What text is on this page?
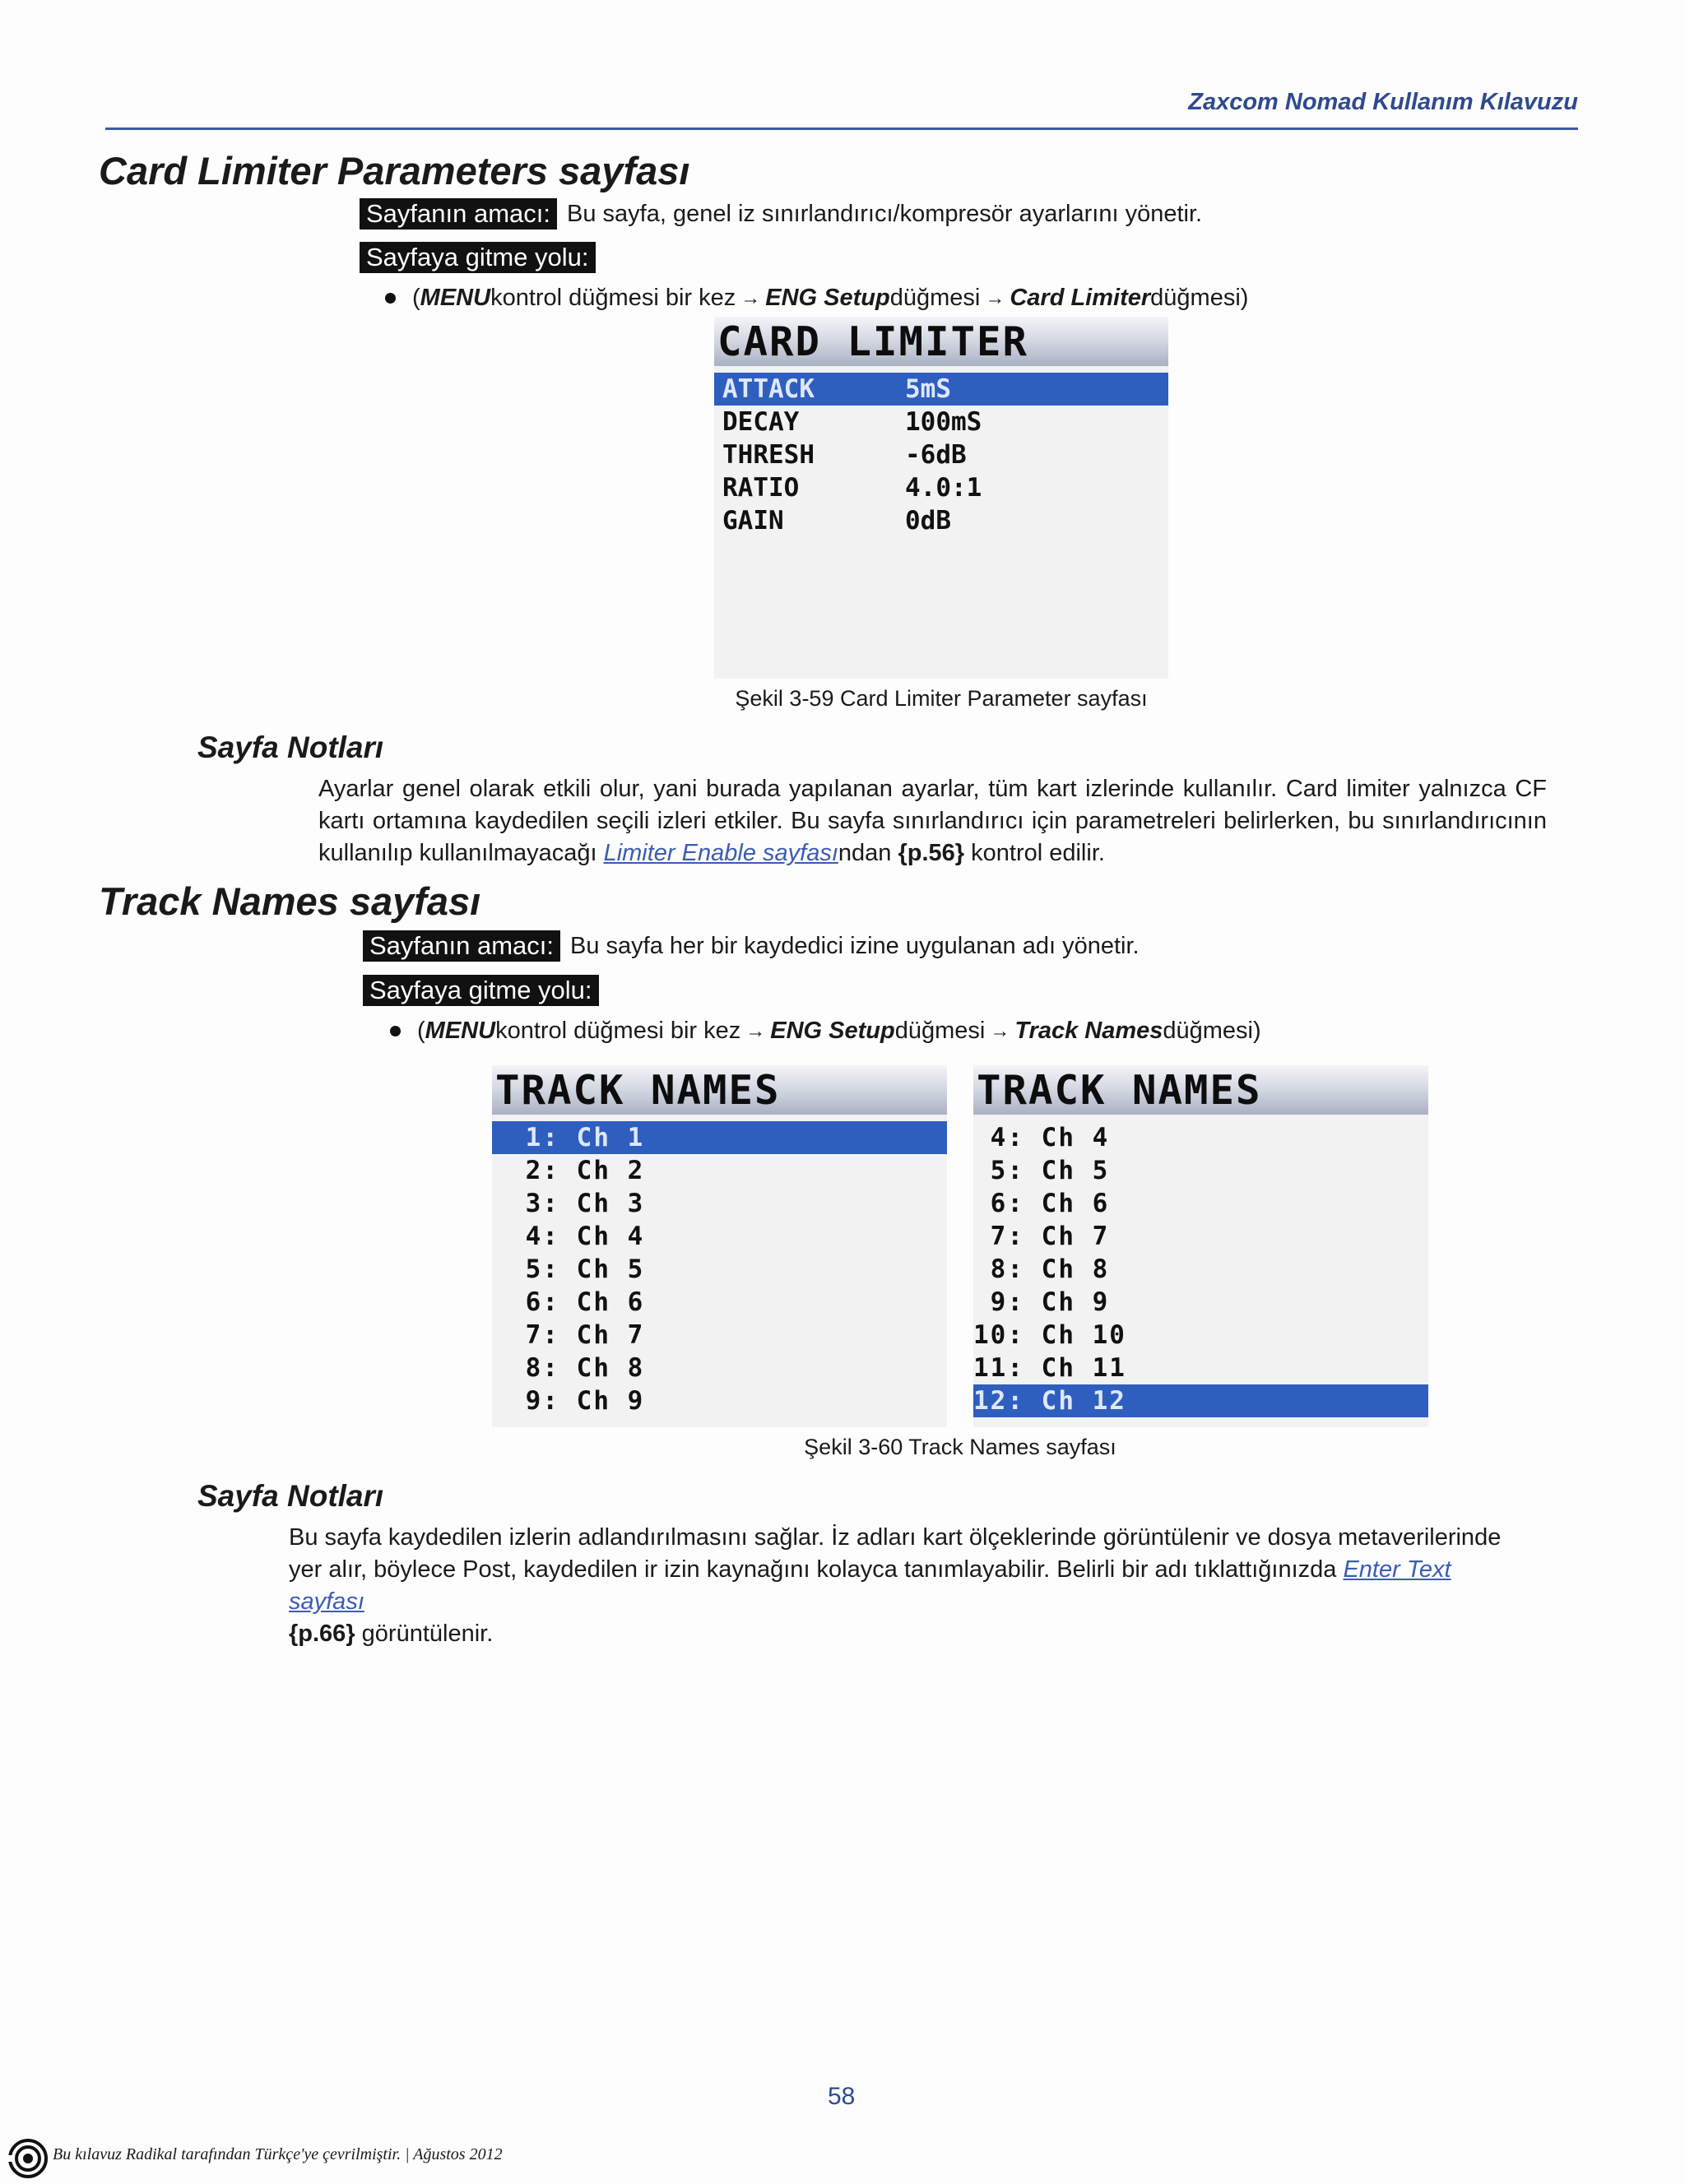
Zaxcom Nomad Kullanım Kılavuzu
Card Limiter Parameters sayfası
Sayfanın amacı: Bu sayfa, genel iz sınırlandırıcı/kompresör ayarlarını yönetir.
Sayfaya gitme yolu:
( MENU kontrol düğmesi bir kez → ENG Setup düğmesi → Card Limiter düğmesi)
CARD LIMITER
ATTACK	5mS
DECAY	100mS
THRESH	-6dB
RATIO	4.0:1
GAIN	0dB
Şekil 3-59 Card Limiter Parameter sayfası
Sayfa Notları
Ayarlar genel olarak etkili olur, yani burada yapılanan ayarlar, tüm kart izlerinde kullanılır. Card limiter yalnızca CF kartı ortamına kaydedilen seçili izleri etkiler. Bu sayfa sınırlandırıcı için parametreleri belirlerken, bu sınırlandırıcının kullanılıp kullanılmayacağı Limiter Enable sayfasından {p.56} kontrol edilir.
Track Names sayfası
Sayfanın amacı: Bu sayfa her bir kaydedici izine uygulanan adı yönetir.
Sayfaya gitme yolu:
( MENU kontrol düğmesi bir kez → ENG Setup düğmesi → Track Names düğmesi)
TRACK NAMES
1: Ch 1
2: Ch 2
3: Ch 3
4: Ch 4
5: Ch 5
6: Ch 6
7: Ch 7
8: Ch 8
9: Ch 9
TRACK NAMES
4: Ch 4
5: Ch 5
6: Ch 6
7: Ch 7
8: Ch 8
9: Ch 9
10: Ch 10
11: Ch 11
12: Ch 12
Şekil 3-60 Track Names sayfası
Sayfa Notları
Bu sayfa kaydedilen izlerin adlandırılmasını sağlar. İz adları kart ölçeklerinde görüntülenir ve dosya metaverilerinde yer alır, böylece Post, kaydedilen ir izin kaynağını kolayca tanımlayabilir. Belirli bir adı tıklattığınızda Enter Text sayfası
{p.66} görüntülenir.
58
Bu kılavuz Radikal tarafından Türkçe'ye çevrilmiştir. | Ağustos 2012
